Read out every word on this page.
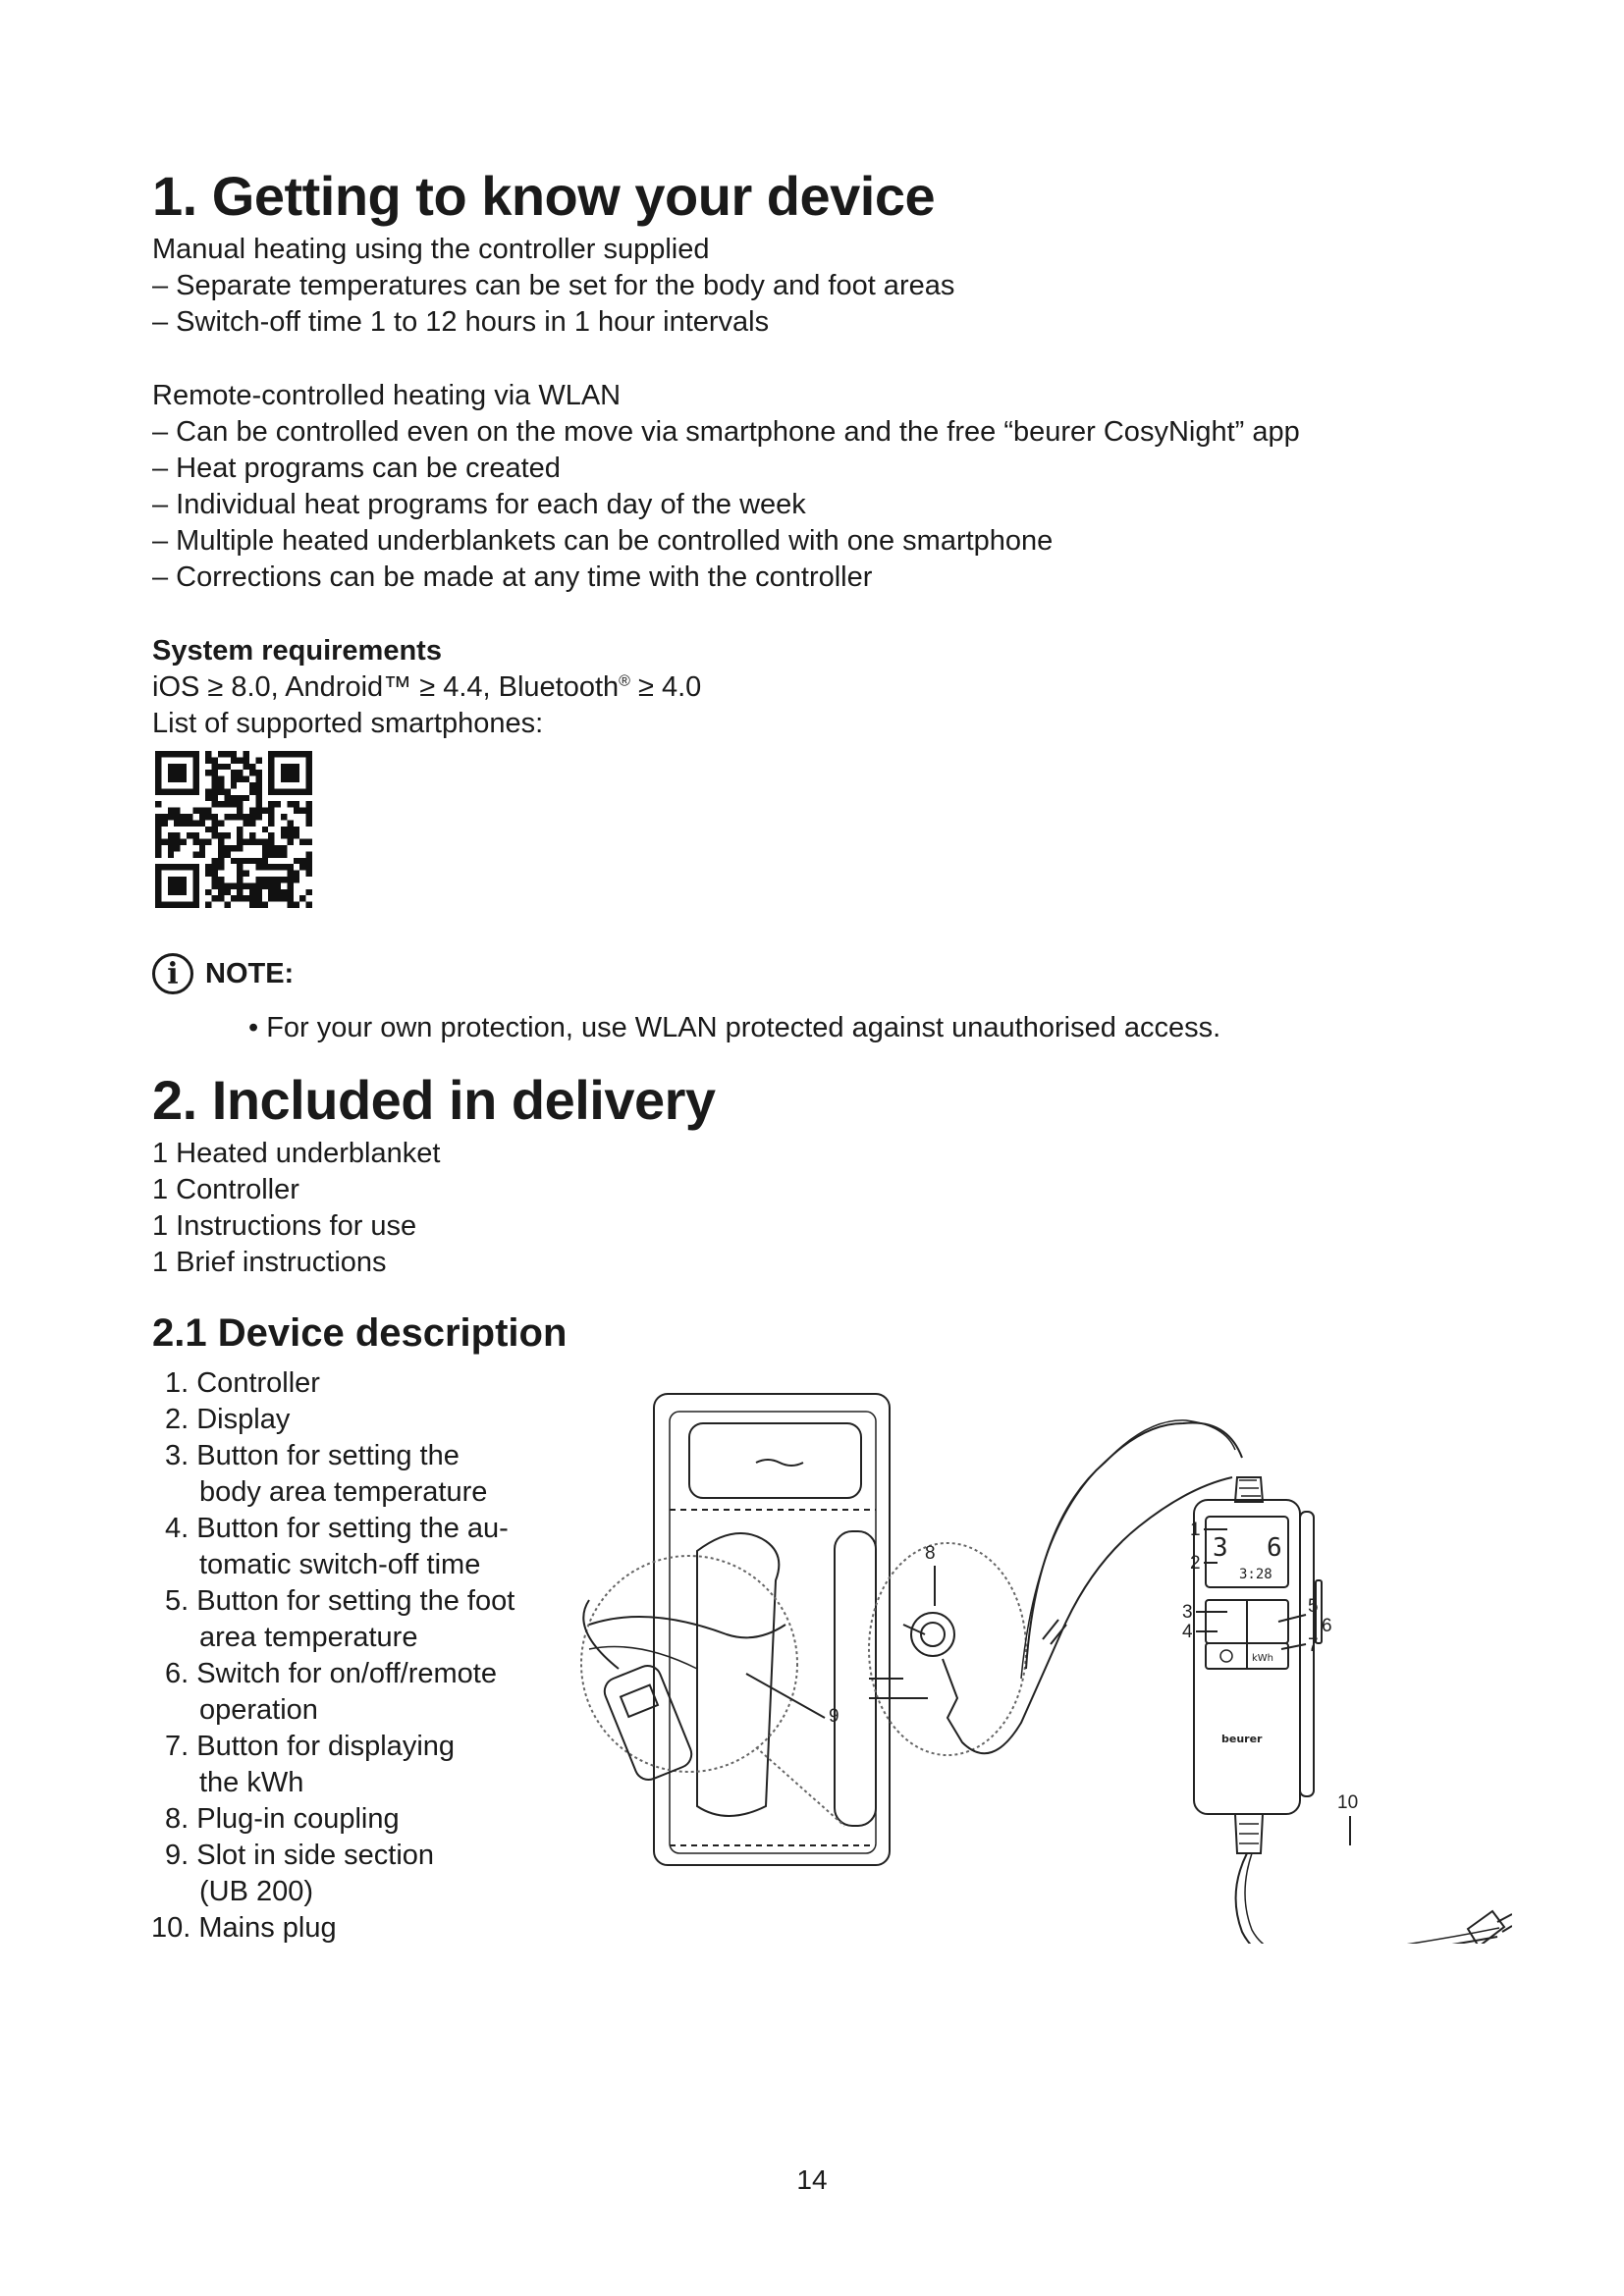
1. Getting to know your device
Manual heating using the controller supplied
– Separate temperatures can be set for the body and foot areas
– Switch-off time 1 to 12 hours in 1 hour intervals
Remote-controlled heating via WLAN
– Can be controlled even on the move via smartphone and the free “beurer CosyNight” app
– Heat programs can be created
– Individual heat programs for each day of the week
– Multiple heated underblankets can be controlled with one smartphone
– Corrections can be made at any time with the controller
System requirements
iOS ≥ 8.0, Android™ ≥ 4.4, Bluetooth® ≥ 4.0
List of supported smartphones:
i NOTE:
• For your own protection, use WLAN protected against unauthorised access.
2. Included in delivery
1 Heated underblanket
1 Controller
1 Instructions for use
1 Brief instructions
2.1 Device description
1. Controller
2. Display
3. Button for setting the
body area temperature
4. Button for setting the au-
tomatic switch-off time
5. Button for setting the foot
area temperature
6. Switch for on/off/remote
operation
7. Button for displaying
the kWh
8. Plug-in coupling
9. Slot in side section
(UB 200)
10. Mains plug
3 6
3:28
kWh
beurer
1
2
3
4
5
6
7
8
9
10
14
